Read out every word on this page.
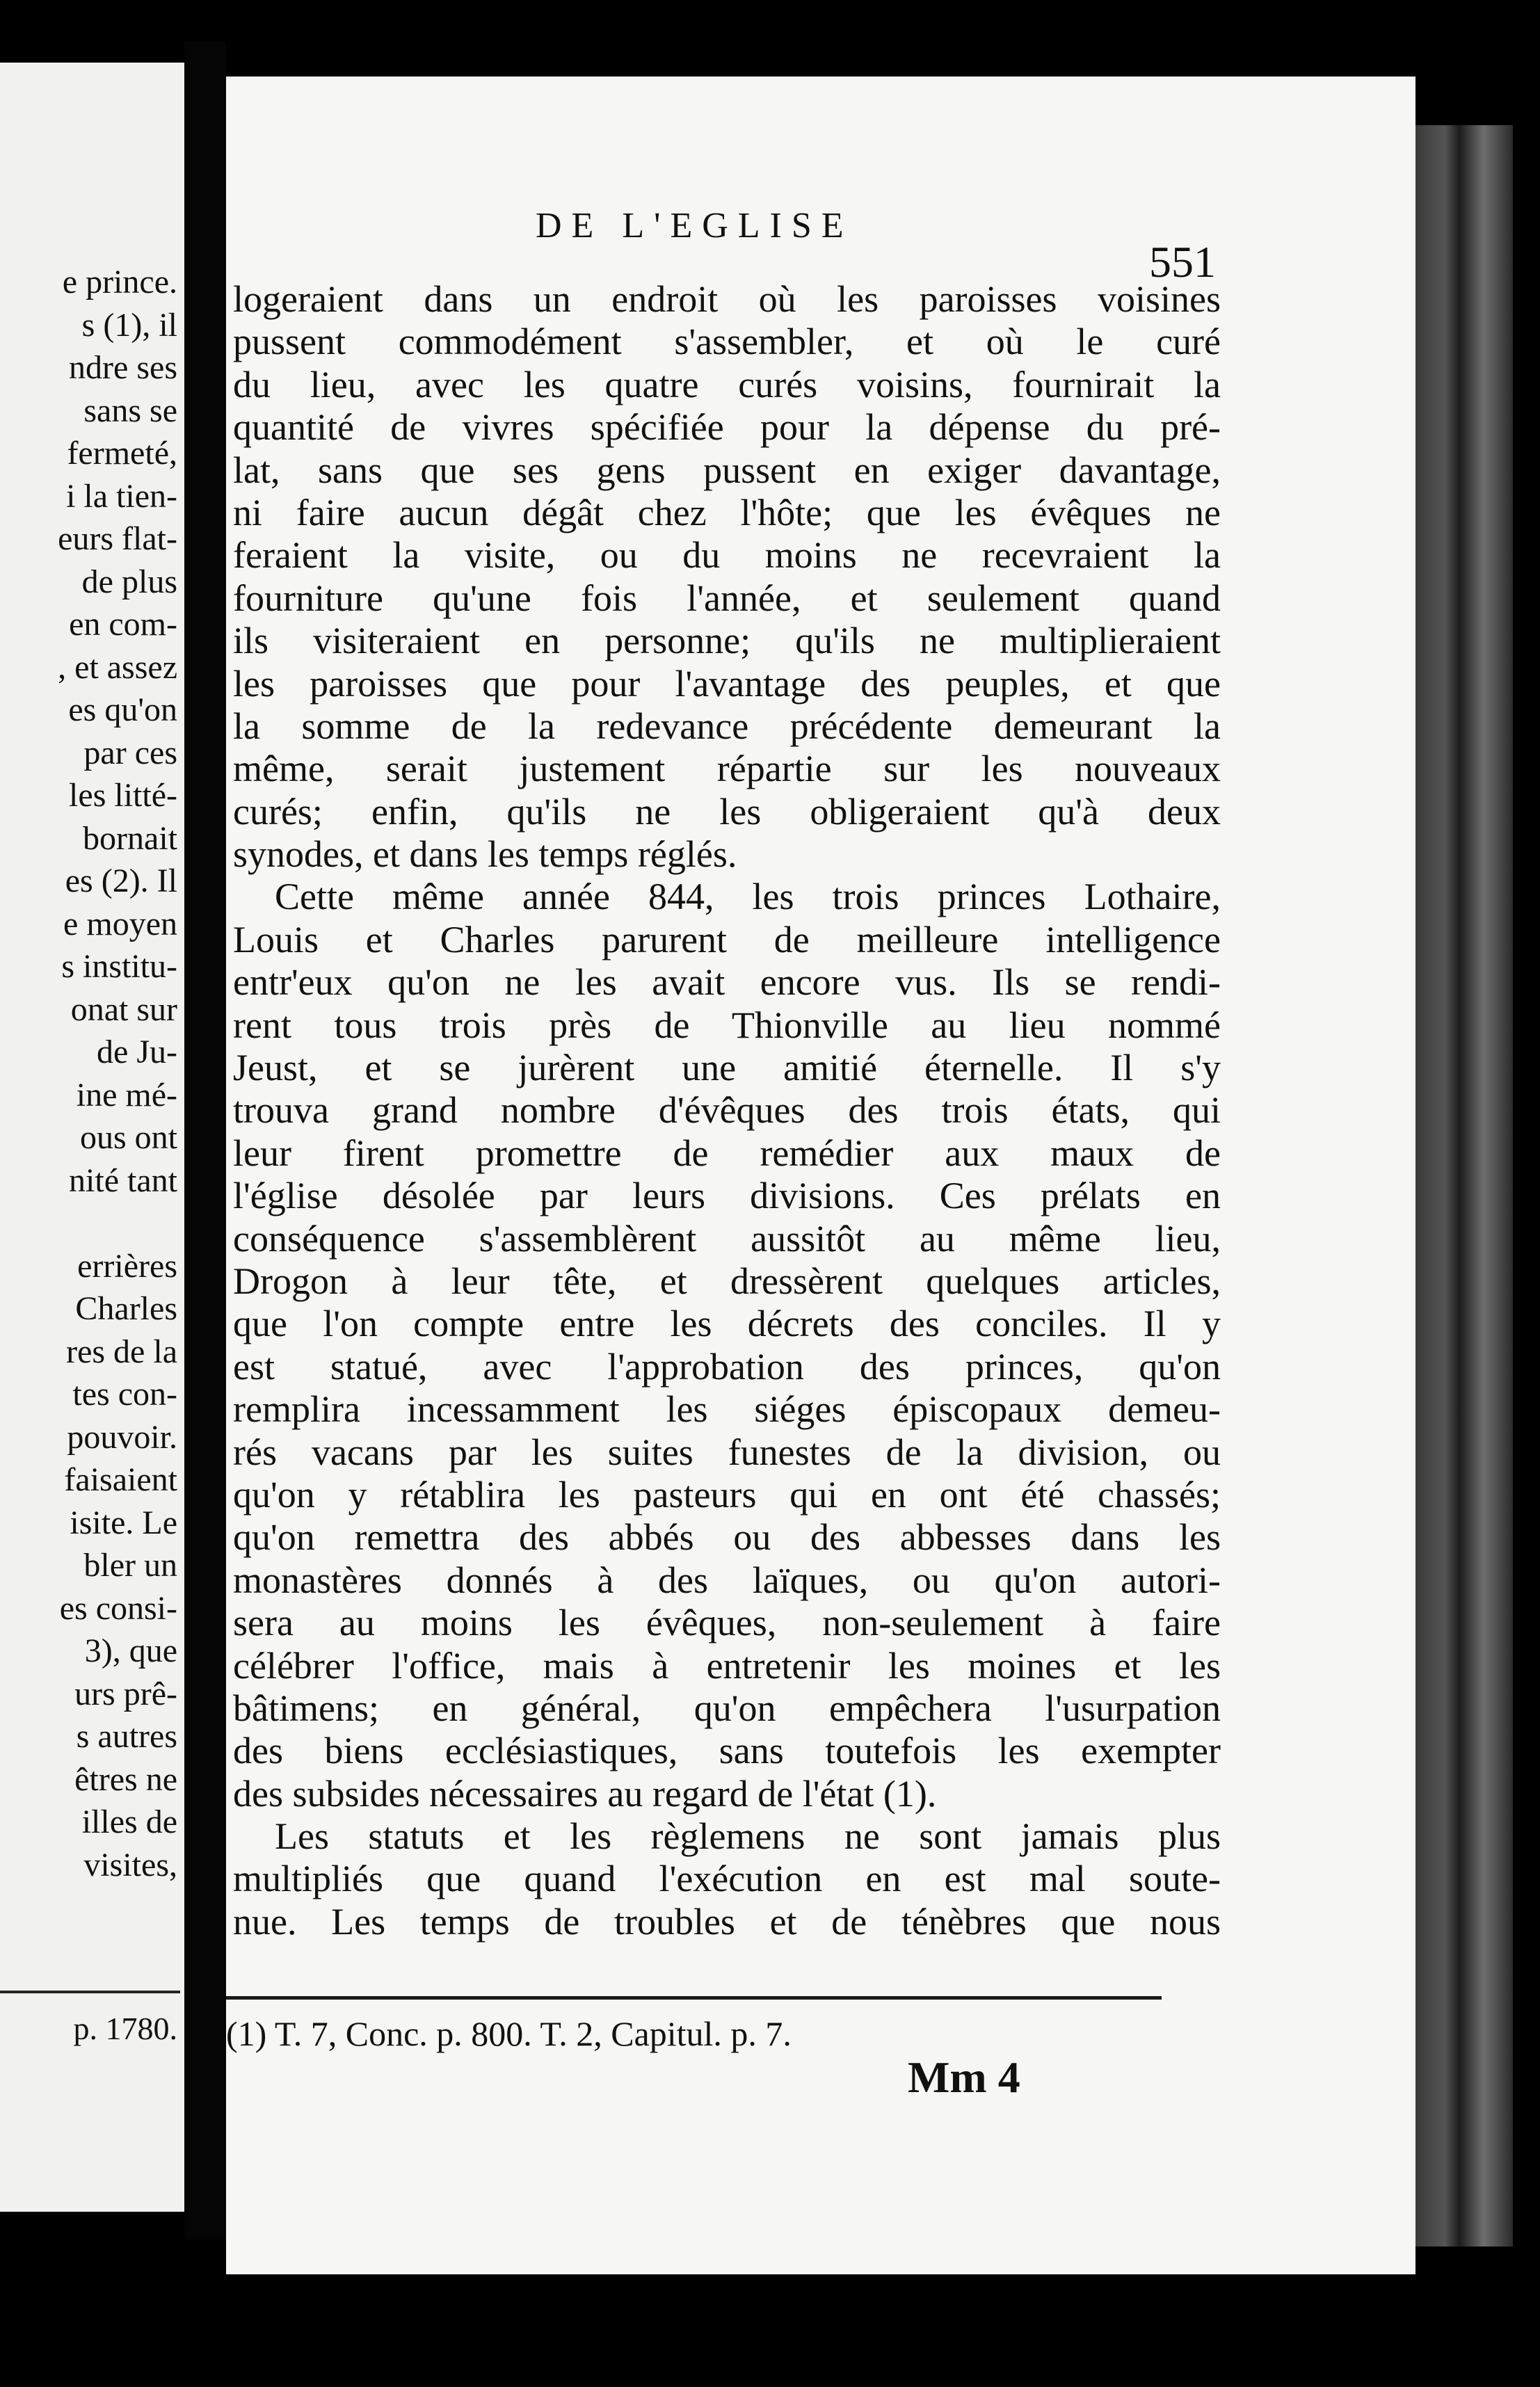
e prince.
s (1), il
ndre ses
sans se
fermeté,
i la tien-
eurs flat-
de plus
en com-
, et assez
es qu'on
par ces
les litté-
bornait
es (2). Il
e moyen
s institu-
onat sur
de Ju-
ine mé-
ous ont
nité tant
errières
Charles
res de la
tes con-
pouvoir.
faisaient
isite. Le
bler un
es consi-
3), que
urs prê-
s autres
êtres ne
illes de
visites,
p. 1780.
DE L'EGLISE
551
logeraient dans un endroit où les paroisses voisines
pussent commodément s'assembler, et où le curé
du lieu, avec les quatre curés voisins, fournirait la
quantité de vivres spécifiée pour la dépense du pré-
lat, sans que ses gens pussent en exiger davantage,
ni faire aucun dégât chez l'hôte; que les évêques ne
feraient la visite, ou du moins ne recevraient la
fourniture qu'une fois l'année, et seulement quand
ils visiteraient en personne; qu'ils ne multiplieraient
les paroisses que pour l'avantage des peuples, et que
la somme de la redevance précédente demeurant la
même, serait justement répartie sur les nouveaux
curés; enfin, qu'ils ne les obligeraient qu'à deux
synodes, et dans les temps réglés.
Cette même année 844, les trois princes Lothaire,
Louis et Charles parurent de meilleure intelligence
entr'eux qu'on ne les avait encore vus. Ils se rendi-
rent tous trois près de Thionville au lieu nommé
Jeust, et se jurèrent une amitié éternelle. Il s'y
trouva grand nombre d'évêques des trois états, qui
leur firent promettre de remédier aux maux de
l'église désolée par leurs divisions. Ces prélats en
conséquence s'assemblèrent aussitôt au même lieu,
Drogon à leur tête, et dressèrent quelques articles,
que l'on compte entre les décrets des conciles. Il y
est statué, avec l'approbation des princes, qu'on
remplira incessamment les siéges épiscopaux demeu-
rés vacans par les suites funestes de la division, ou
qu'on y rétablira les pasteurs qui en ont été chassés;
qu'on remettra des abbés ou des abbesses dans les
monastères donnés à des laïques, ou qu'on autori-
sera au moins les évêques, non-seulement à faire
célébrer l'office, mais à entretenir les moines et les
bâtimens; en général, qu'on empêchera l'usurpation
des biens ecclésiastiques, sans toutefois les exempter
des subsides nécessaires au regard de l'état (1).
Les statuts et les règlemens ne sont jamais plus
multipliés que quand l'exécution en est mal soute-
nue. Les temps de troubles et de ténèbres que nous
(1) T. 7, Conc. p. 800. T. 2, Capitul. p. 7.
Mm 4
